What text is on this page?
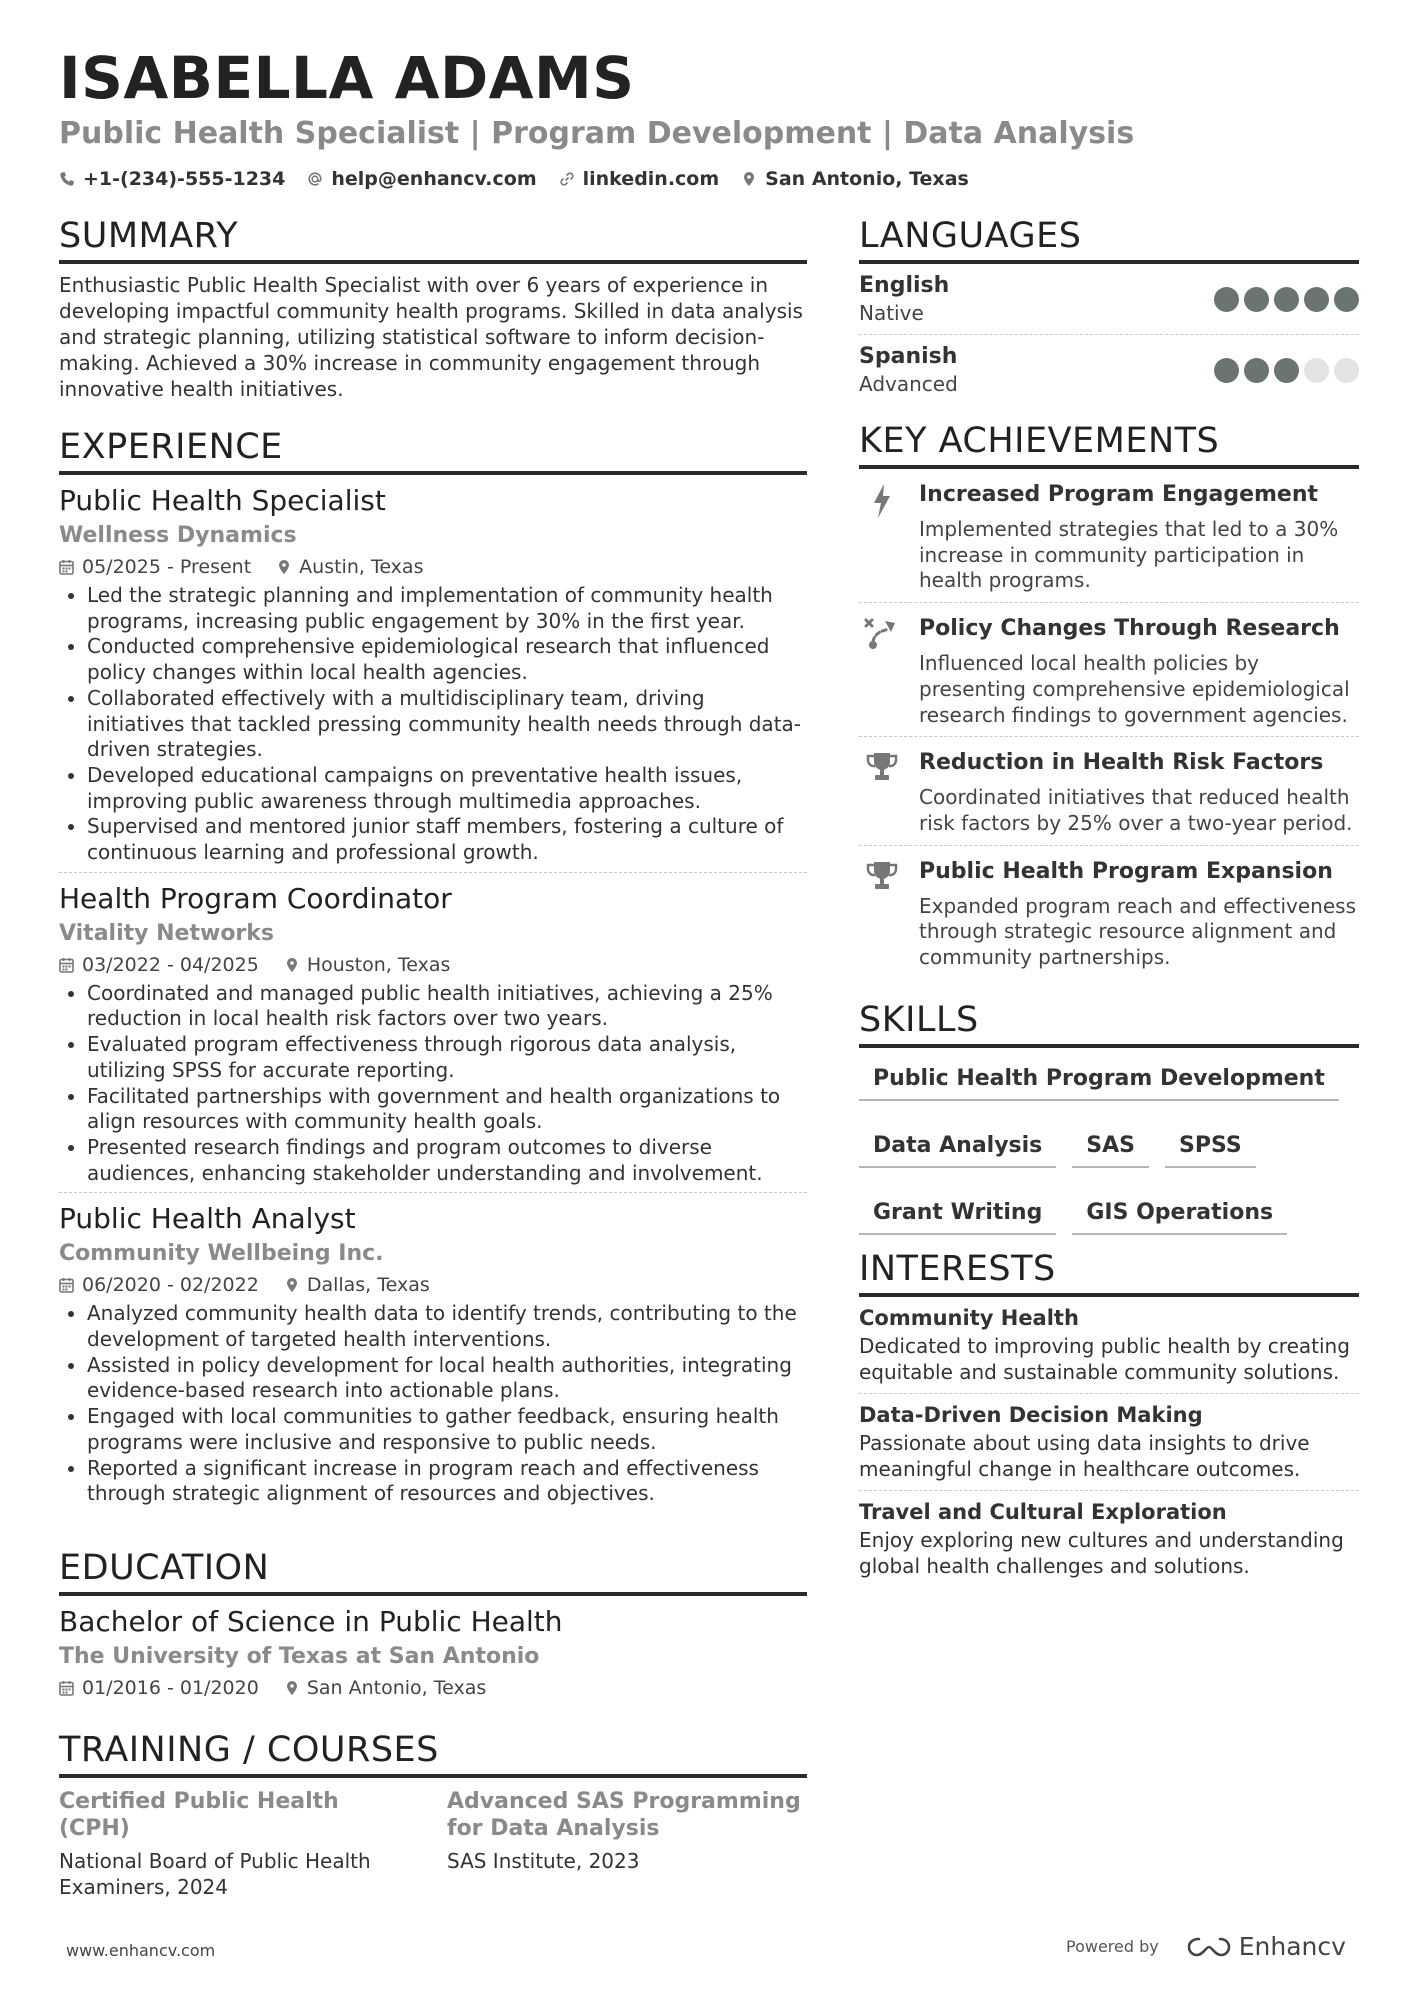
ISABELLA ADAMS
Public Health Specialist | Program Development | Data Analysis
+1-(234)-555-1234 help@enhancv.com linkedin.com San Antonio, Texas
SUMMARY
Enthusiastic Public Health Specialist with over 6 years of experience in developing impactful community health programs. Skilled in data analysis and strategic planning, utilizing statistical software to inform decision-making. Achieved a 30% increase in community engagement through innovative health initiatives.
EXPERIENCE
Public Health Specialist
Wellness Dynamics
05/2025 - Present	Austin, Texas
• Led the strategic planning and implementation of community health programs, increasing public engagement by 30% in the first year.
• Conducted comprehensive epidemiological research that influenced policy changes within local health agencies.
• Collaborated effectively with a multidisciplinary team, driving initiatives that tackled pressing community health needs through data-driven strategies.
• Developed educational campaigns on preventative health issues, improving public awareness through multimedia approaches.
• Supervised and mentored junior staff members, fostering a culture of continuous learning and professional growth.
Health Program Coordinator
Vitality Networks
03/2022 - 04/2025	Houston, Texas
• Coordinated and managed public health initiatives, achieving a 25% reduction in local health risk factors over two years.
• Evaluated program effectiveness through rigorous data analysis, utilizing SPSS for accurate reporting.
• Facilitated partnerships with government and health organizations to align resources with community health goals.
• Presented research findings and program outcomes to diverse audiences, enhancing stakeholder understanding and involvement.
Public Health Analyst
Community Wellbeing Inc.
06/2020 - 02/2022	Dallas, Texas
• Analyzed community health data to identify trends, contributing to the development of targeted health interventions.
• Assisted in policy development for local health authorities, integrating evidence-based research into actionable plans.
• Engaged with local communities to gather feedback, ensuring health programs were inclusive and responsive to public needs.
• Reported a significant increase in program reach and effectiveness through strategic alignment of resources and objectives.
EDUCATION
Bachelor of Science in Public Health
The University of Texas at San Antonio
01/2016 - 01/2020	San Antonio, Texas
TRAINING / COURSES
Certified Public Health (CPH)
National Board of Public Health Examiners, 2024
Advanced SAS Programming for Data Analysis
SAS Institute, 2023
LANGUAGES
English
Native
Spanish
Advanced
KEY ACHIEVEMENTS
Increased Program Engagement
Implemented strategies that led to a 30% increase in community participation in health programs.
Policy Changes Through Research
Influenced local health policies by presenting comprehensive epidemiological research findings to government agencies.
Reduction in Health Risk Factors
Coordinated initiatives that reduced health risk factors by 25% over a two-year period.
Public Health Program Expansion
Expanded program reach and effectiveness through strategic resource alignment and community partnerships.
SKILLS
Public Health Program Development
Data Analysis	SAS	SPSS
Grant Writing	GIS Operations
INTERESTS
Community Health
Dedicated to improving public health by creating equitable and sustainable community solutions.
Data-Driven Decision Making
Passionate about using data insights to drive meaningful change in healthcare outcomes.
Travel and Cultural Exploration
Enjoy exploring new cultures and understanding global health challenges and solutions.
www.enhancv.com	Powered by	Enhancv
